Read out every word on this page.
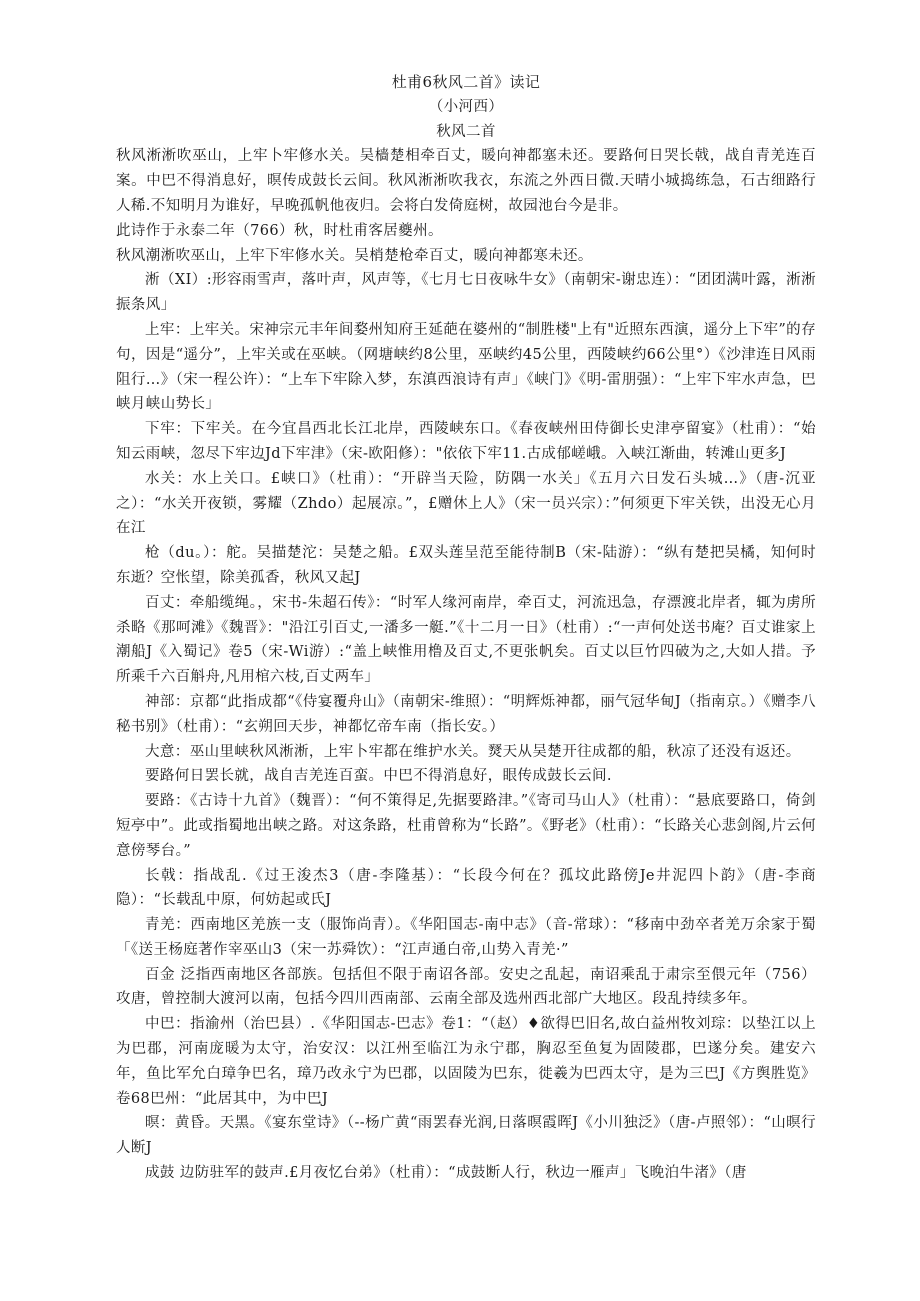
杜甫6秋风二首》读记
（小河西）
秋风二首

秋风淅淅吹巫山，上牢卜牢修水关。吴樯楚相牵百丈，暖向神都塞未还。要路何日哭长戟，战自青羌连百案。中巴不得消息好，暝传成鼓长云间。秋风淅淅吹我衣，东流之外西日微.天晴小城捣练急，石古细路行人稀.不知明月为谁好，早晚孤帆他夜归。会将白发倚庭树，故园池台今是非。

此诗作于永泰二年（766）秋，时杜甫客居夔州。

秋风潮淅吹巫山，上牢下牢修水关。吴梢楚枪牵百丈，暖向神都寒未还。

淅（XI）:形容雨雪声，落叶声，风声等，《七月七日夜咏牛女》（南朝宋-谢忠连）：“团团满叶露，淅淅振条风」

上牢：上牢关。宋神宗元丰年间婺州知府王延葩在婆州的“制胜楼"上有"近照东西演，遥分上下牢”的存句，因是“遥分”，上牢关或在巫峡。（网塘峡约8公里，巫峡约45公里，西陵峡约66公里°）《沙津连日风雨阻行…》（宋一程公许）：“上车下牢除入梦，东滇西浪诗有声」《峡门》《明-雷朋强）：“上牢下牢水声急，巴峡月峡山势长」

下牢：下牢关。在今宜昌西北长江北岸，西陵峡东口。《春夜峡州田侍御长史津亭留宴》（杜甫）：“始知云雨峡，忽尽下牢边Jd下牢津》（宋-欧阳修）："依依下牢11.古成郁嵯峨。入峡江渐曲，转滩山更多J

水关：水上关口。£峡口》（杜甫）：“开辟当天险，防隅一水关」《五月六日发石头城…》（唐-沉亚之）：“水关开夜锁，雾耀（Zhdo）起展凉。”，£赠休上人》（宋一员兴宗）：”何须更下牢关铁，出没无心月在江

枪（du。）：舵。吴描楚沱：吴楚之船。£双头莲呈范至能待制B（宋-陆游）：“纵有楚把吴橘，知何时东逝？空怅望，除美孤香，秋风又起J

百丈：牵船缆绳。，宋书-朱超石传》：“时军人缘河南岸，牵百丈，河流迅急，存漂渡北岸者，辄为虏所杀略《那呵滩》《魏晋》："沿江引百丈,一潘多一艇.”《十二月一日》（杜甫）:“一声何处送书庵？百丈谁家上潮船J《入蜀记》卷5（宋-Wi游）:“盖上峡惟用橹及百丈,不更张帆矣。百丈以巨竹四破为之,大如人措。予所乘千六百斛舟,凡用棺六枝,百丈两车」

神部：京都“此指成都“《侍宴覆舟山》（南朝宋-维照）：“明辉烁神都，丽气冠华甸J（指南京。）《赠李八秘书别》（杜甫）：“玄朔回天步，神都忆帝车南（指长安。）

大意：巫山里峡秋风淅淅，上牢卜牢都在维护水关。燹天从吴楚开往成都的船，秋凉了还没有返还。

要路何日罢长就，战自吉羌连百蛮。中巴不得消息好，眼传成鼓长云间.

要路：《古诗十九首》（魏晋）：“何不策得足,先据要路津。”《寄司马山人》（杜甫）：“悬底要路口，倚剑短亭中”。此或指蜀地出峡之路。对这条路，杜甫曾称为“长路”。《野老》（杜甫）：“长路关心悲剑阁,片云何意傍琴台。”

长戟：指战乱.《过王浚杰3（唐-李隆基）：“长段今何在？孤坟此路傍Je井泥四卜韵》（唐-李商隐）：“长载乱中原，何妨起或氏J

青羌：西南地区羌族一支（服饰尚青）。《华阳国志-南中志》（音-常球）：“移南中劲卒者羌万余家于蜀「《送王杨庭著作宰巫山3（宋一苏舜饮）：“江声通白帝,山势入青羌·”

百金 泛指西南地区各部族。包括但不限于南诏各部。安史之乱起，南诏乘乱于肃宗至偎元年（756）攻唐，曾控制大渡河以南，包括今四川西南部、云南全部及选州西北部广大地区。段乱持续多年。

中巴：指渝州（治巴县）.《华阳国志-巴志》卷1：“（赵）♦欲得巴旧名,故白益州牧刘琮：以垫江以上为巴郡，河南庞暖为太守，治安汉：以江州至临江为永宁郡，胸忍至鱼复为固陵郡，巴遂分矣。建安六年，鱼比军允白璋争巴名，璋乃改永宁为巴郡，以固陵为巴东，徙羲为巴西太守，是为三巴J《方舆胜览》卷68巴州：“此居其中，为中巴J

暝：黄昏。天黑。《宴东堂诗》（--杨广黄“雨罢春光润,日落暝霞晖J《小川独泛》（唐-卢照邻）：“山暝行人断J

成鼓 边防驻军的鼓声.£月夜忆台弟》（杜甫）：“成鼓断人行，秋边一雁声」飞晚泊牛渚》（唐
